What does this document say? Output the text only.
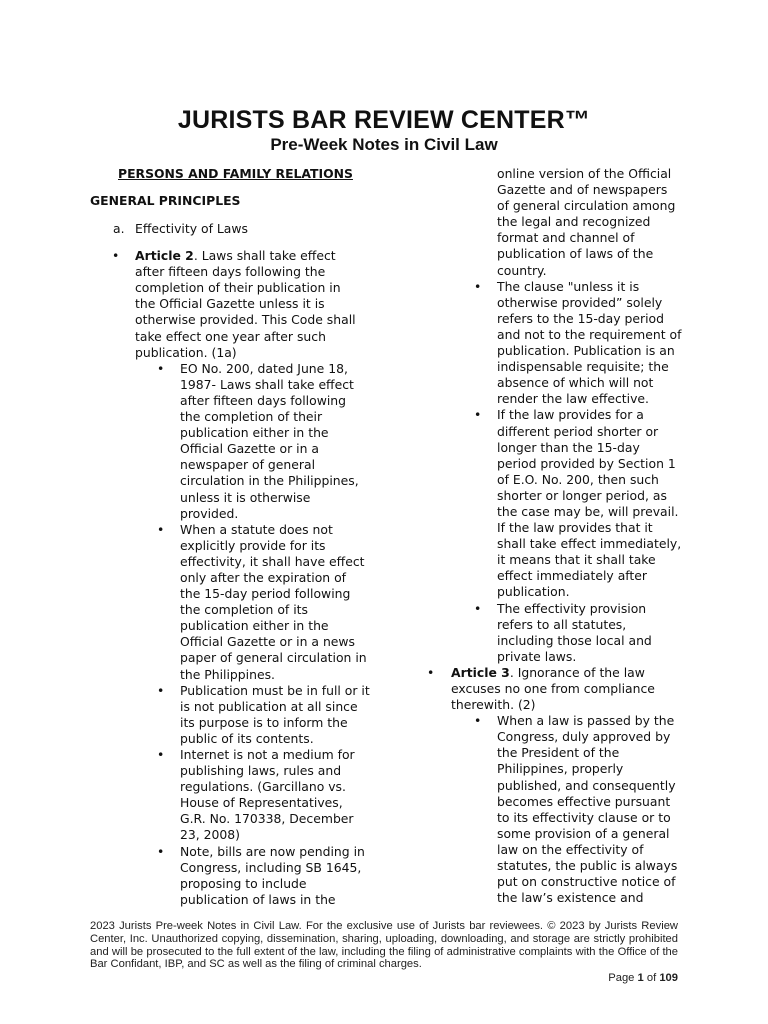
JURISTS BAR REVIEW CENTER™
Pre-Week Notes in Civil Law
PERSONS AND FAMILY RELATIONS
GENERAL PRINCIPLES
a. Effectivity of Laws
• Article 2. Laws shall take effect after fifteen days following the completion of their publication in the Official Gazette unless it is otherwise provided. This Code shall take effect one year after such publication. (1a)
• EO No. 200, dated June 18, 1987- Laws shall take effect after fifteen days following the completion of their publication either in the Official Gazette or in a newspaper of general circulation in the Philippines, unless it is otherwise provided.
• When a statute does not explicitly provide for its effectivity, it shall have effect only after the expiration of the 15-day period following the completion of its publication either in the Official Gazette or in a news paper of general circulation in the Philippines.
• Publication must be in full or it is not publication at all since its purpose is to inform the public of its contents.
• Internet is not a medium for publishing laws, rules and regulations. (Garcillano vs. House of Representatives, G.R. No. 170338, December 23, 2008)
• Note, bills are now pending in Congress, including SB 1645, proposing to include publication of laws in the
online version of the Official Gazette and of newspapers of general circulation among the legal and recognized format and channel of publication of laws of the country.
• The clause "unless it is otherwise provided” solely refers to the 15-day period and not to the requirement of publication. Publication is an indispensable requisite; the absence of which will not render the law effective.
• If the law provides for a different period shorter or longer than the 15-day period provided by Section 1 of E.O. No. 200, then such shorter or longer period, as the case may be, will prevail. If the law provides that it shall take effect immediately, it means that it shall take effect immediately after publication.
• The effectivity provision refers to all statutes, including those local and private laws.
• Article 3. Ignorance of the law excuses no one from compliance therewith. (2)
• When a law is passed by the Congress, duly approved by the President of the Philippines, properly published, and consequently becomes effective pursuant to its effectivity clause or to some provision of a general law on the effectivity of statutes, the public is always put on constructive notice of the law’s existence and
2023 Jurists Pre-week Notes in Civil Law. For the exclusive use of Jurists bar reviewees. © 2023 by Jurists Review Center, Inc. Unauthorized copying, dissemination, sharing, uploading, downloading, and storage are strictly prohibited and will be prosecuted to the full extent of the law, including the filing of administrative complaints with the Office of the Bar Confidant, IBP, and SC as well as the filing of criminal charges.
Page 1 of 109
